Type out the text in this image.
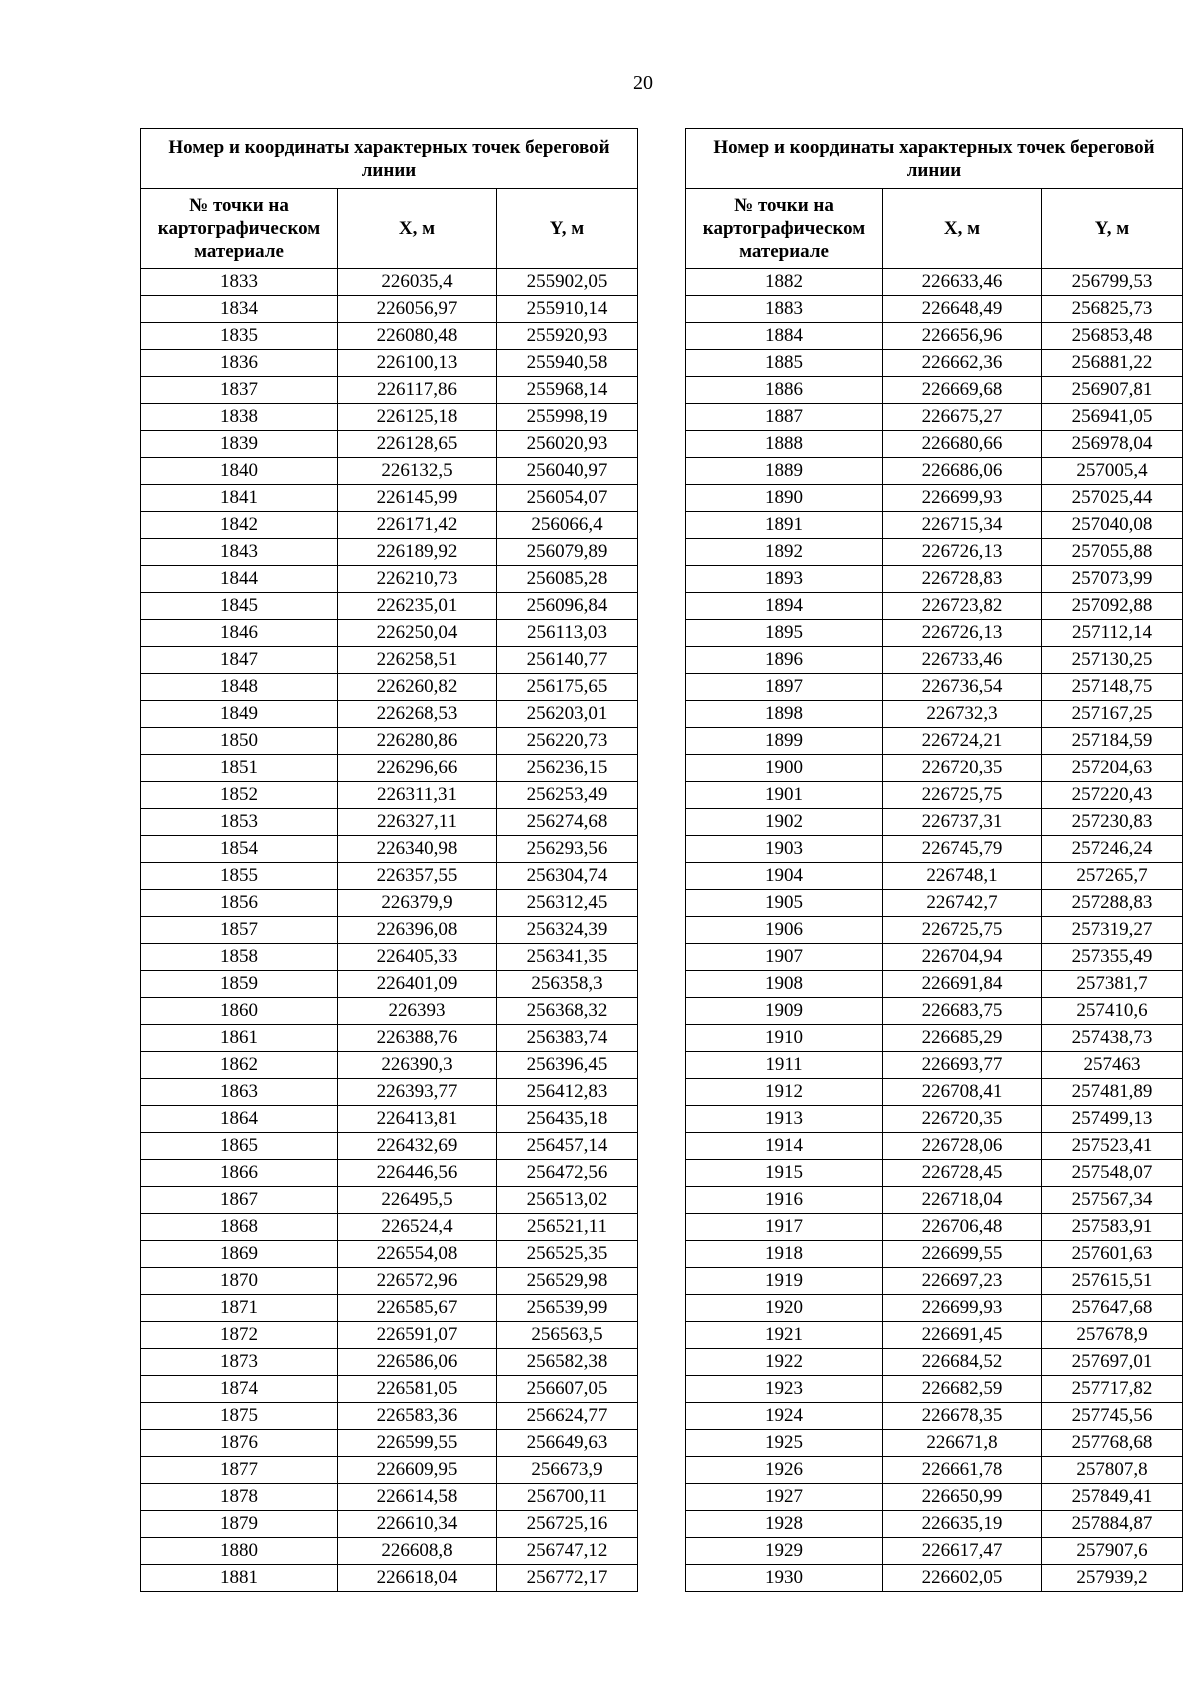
20
Номер и координаты характерных точек береговой линии		
№ точки на картографическом материале	X, м	Y, м
1833	226035,4	255902,05
1834	226056,97	255910,14
1835	226080,48	255920,93
1836	226100,13	255940,58
1837	226117,86	255968,14
1838	226125,18	255998,19
1839	226128,65	256020,93
1840	226132,5	256040,97
1841	226145,99	256054,07
1842	226171,42	256066,4
1843	226189,92	256079,89
1844	226210,73	256085,28
1845	226235,01	256096,84
1846	226250,04	256113,03
1847	226258,51	256140,77
1848	226260,82	256175,65
1849	226268,53	256203,01
1850	226280,86	256220,73
1851	226296,66	256236,15
1852	226311,31	256253,49
1853	226327,11	256274,68
1854	226340,98	256293,56
1855	226357,55	256304,74
1856	226379,9	256312,45
1857	226396,08	256324,39
1858	226405,33	256341,35
1859	226401,09	256358,3
1860	226393	256368,32
1861	226388,76	256383,74
1862	226390,3	256396,45
1863	226393,77	256412,83
1864	226413,81	256435,18
1865	226432,69	256457,14
1866	226446,56	256472,56
1867	226495,5	256513,02
1868	226524,4	256521,11
1869	226554,08	256525,35
1870	226572,96	256529,98
1871	226585,67	256539,99
1872	226591,07	256563,5
1873	226586,06	256582,38
1874	226581,05	256607,05
1875	226583,36	256624,77
1876	226599,55	256649,63
1877	226609,95	256673,9
1878	226614,58	256700,11
1879	226610,34	256725,16
1880	226608,8	256747,12
1881	226618,04	256772,17
Номер и координаты характерных точек береговой линии		
№ точки на картографическом материале	X, м	Y, м
1882	226633,46	256799,53
1883	226648,49	256825,73
1884	226656,96	256853,48
1885	226662,36	256881,22
1886	226669,68	256907,81
1887	226675,27	256941,05
1888	226680,66	256978,04
1889	226686,06	257005,4
1890	226699,93	257025,44
1891	226715,34	257040,08
1892	226726,13	257055,88
1893	226728,83	257073,99
1894	226723,82	257092,88
1895	226726,13	257112,14
1896	226733,46	257130,25
1897	226736,54	257148,75
1898	226732,3	257167,25
1899	226724,21	257184,59
1900	226720,35	257204,63
1901	226725,75	257220,43
1902	226737,31	257230,83
1903	226745,79	257246,24
1904	226748,1	257265,7
1905	226742,7	257288,83
1906	226725,75	257319,27
1907	226704,94	257355,49
1908	226691,84	257381,7
1909	226683,75	257410,6
1910	226685,29	257438,73
1911	226693,77	257463
1912	226708,41	257481,89
1913	226720,35	257499,13
1914	226728,06	257523,41
1915	226728,45	257548,07
1916	226718,04	257567,34
1917	226706,48	257583,91
1918	226699,55	257601,63
1919	226697,23	257615,51
1920	226699,93	257647,68
1921	226691,45	257678,9
1922	226684,52	257697,01
1923	226682,59	257717,82
1924	226678,35	257745,56
1925	226671,8	257768,68
1926	226661,78	257807,8
1927	226650,99	257849,41
1928	226635,19	257884,87
1929	226617,47	257907,6
1930	226602,05	257939,2
